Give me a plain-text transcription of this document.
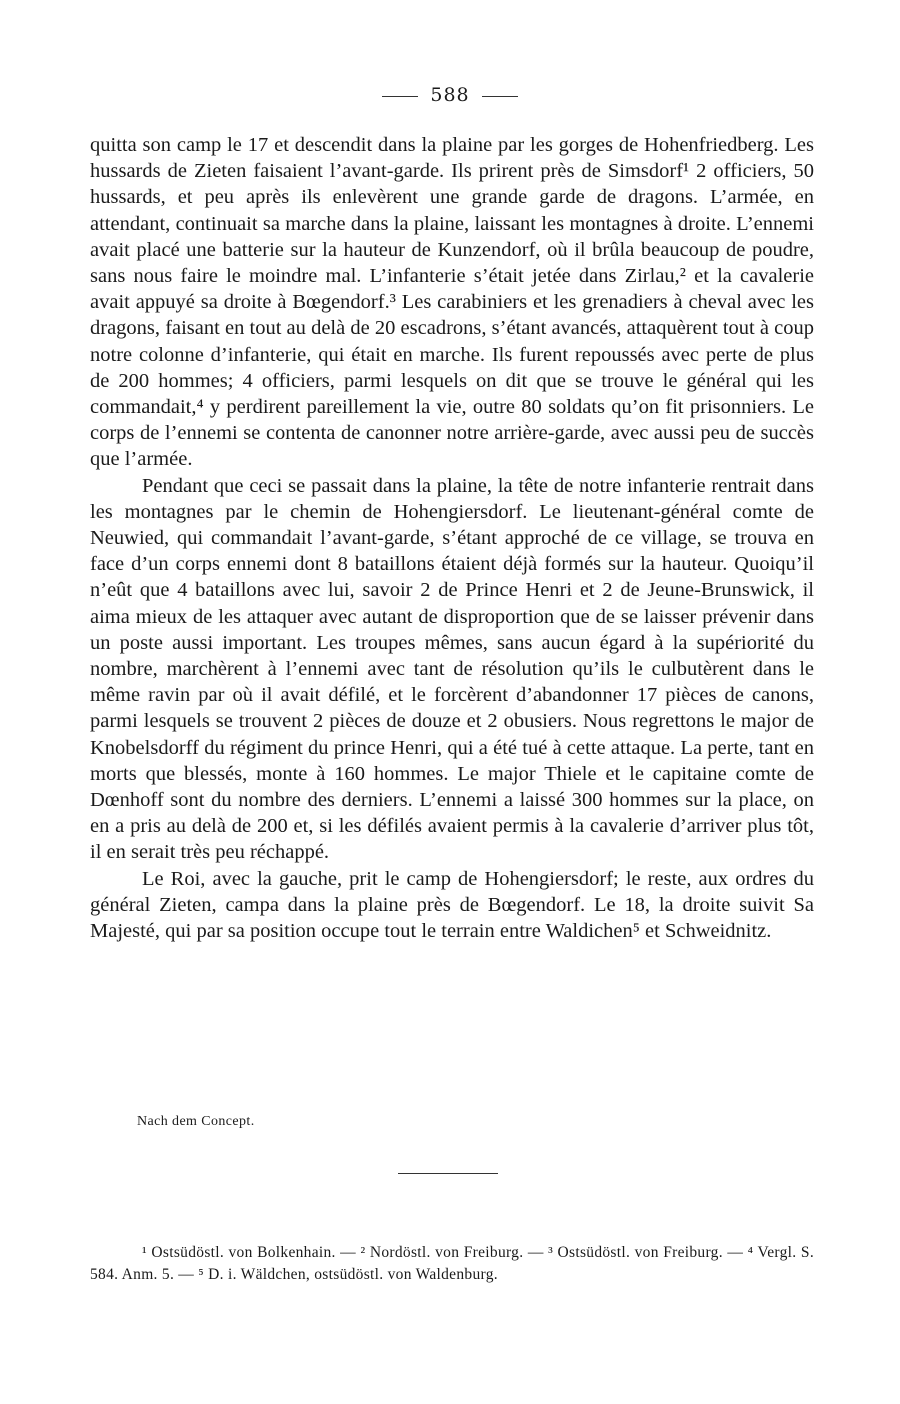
588

quitta son camp le 17 et descendit dans la plaine par les gorges de Hohenfriedberg. Les hussards de Zieten faisaient l’avant-garde. Ils prirent près de Simsdorf¹ 2 officiers, 50 hussards, et peu après ils enlevèrent une grande garde de dragons. L’armée, en attendant, continuait sa marche dans la plaine, laissant les montagnes à droite. L’ennemi avait placé une batterie sur la hauteur de Kunzendorf, où il brûla beaucoup de poudre, sans nous faire le moindre mal. L’infanterie s’était jetée dans Zirlau,² et la cavalerie avait appuyé sa droite à Bœgendorf.³ Les carabiniers et les grenadiers à cheval avec les dragons, faisant en tout au delà de 20 escadrons, s’étant avancés, attaquèrent tout à coup notre colonne d’infanterie, qui était en marche. Ils furent repoussés avec perte de plus de 200 hommes; 4 officiers, parmi lesquels on dit que se trouve le général qui les commandait,⁴ y perdirent pareillement la vie, outre 80 soldats qu’on fit prisonniers. Le corps de l’ennemi se contenta de canonner notre arrière-garde, avec aussi peu de succès que l’armée.

Pendant que ceci se passait dans la plaine, la tête de notre infanterie rentrait dans les montagnes par le chemin de Hohengiersdorf. Le lieutenant-général comte de Neuwied, qui commandait l’avant-garde, s’étant approché de ce village, se trouva en face d’un corps ennemi dont 8 bataillons étaient déjà formés sur la hauteur. Quoiqu’il n’eût que 4 bataillons avec lui, savoir 2 de Prince Henri et 2 de Jeune-Brunswick, il aima mieux de les attaquer avec autant de disproportion que de se laisser prévenir dans un poste aussi important. Les troupes mêmes, sans aucun égard à la supériorité du nombre, marchèrent à l’ennemi avec tant de résolution qu’ils le culbutèrent dans le même ravin par où il avait défilé, et le forcèrent d’abandonner 17 pièces de canons, parmi lesquels se trouvent 2 pièces de douze et 2 obusiers. Nous regrettons le major de Knobelsdorff du régiment du prince Henri, qui a été tué à cette attaque. La perte, tant en morts que blessés, monte à 160 hommes. Le major Thiele et le capitaine comte de Dœnhoff sont du nombre des derniers. L’ennemi a laissé 300 hommes sur la place, on en a pris au delà de 200 et, si les défilés avaient permis à la cavalerie d’arriver plus tôt, il en serait très peu réchappé.

Le Roi, avec la gauche, prit le camp de Hohengiersdorf; le reste, aux ordres du général Zieten, campa dans la plaine près de Bœgendorf. Le 18, la droite suivit Sa Majesté, qui par sa position occupe tout le terrain entre Waldichen⁵ et Schweidnitz.

Nach dem Concept.

¹ Ostsüdöstl. von Bolkenhain. — ² Nordöstl. von Freiburg. — ³ Ostsüdöstl. von Freiburg. — ⁴ Vergl. S. 584. Anm. 5. — ⁵ D. i. Wäldchen, ostsüdöstl. von Waldenburg.
